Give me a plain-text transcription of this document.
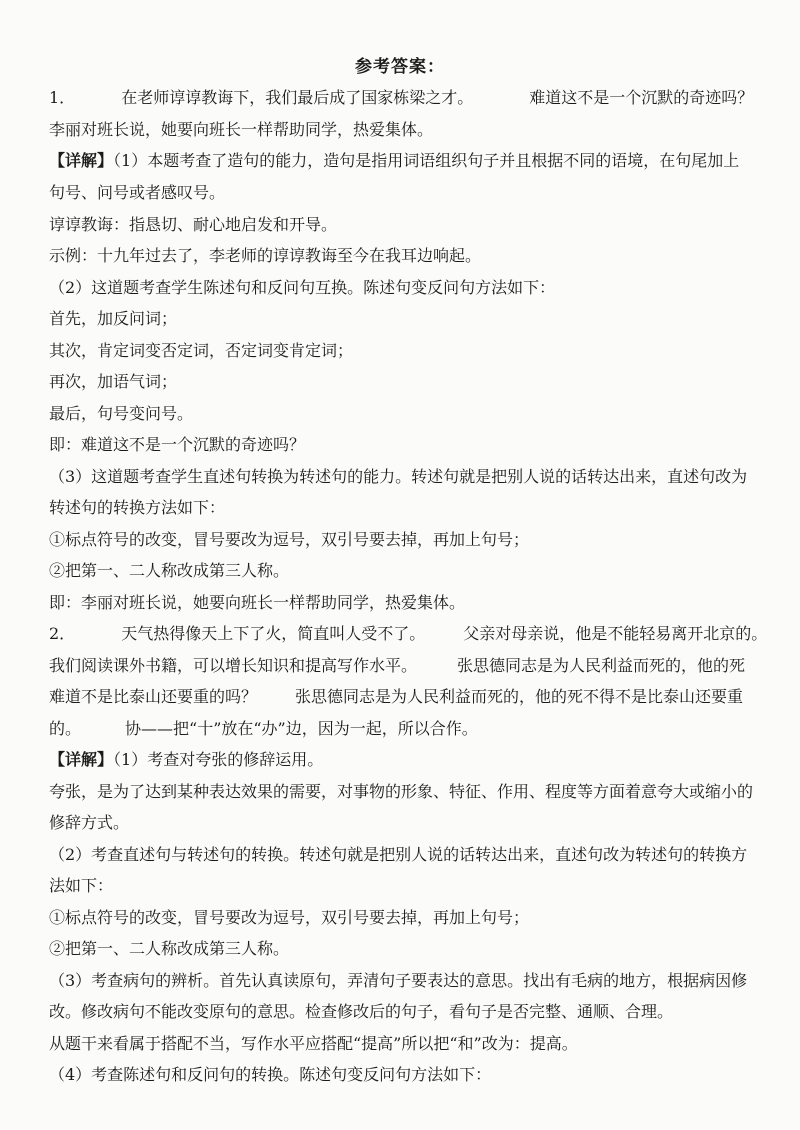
参考答案：
1．	在老师谆谆教诲下，我们最后成了国家栋梁之才。	难道这不是一个沉默的奇迹吗？
李丽对班长说，她要向班长一样帮助同学，热爱集体。
【详解】（1）本题考查了造句的能力，造句是指用词语组织句子并且根据不同的语境，在句尾加上
句号、问号或者感叹号。
谆谆教诲：指恳切、耐心地启发和开导。
示例：十九年过去了，李老师的谆谆教诲至今在我耳边响起。
（2）这道题考查学生陈述句和反问句互换。陈述句变反问句方法如下：
首先，加反问词；
其次，肯定词变否定词，否定词变肯定词；
再次，加语气词；
最后，句号变问号。
即：难道这不是一个沉默的奇迹吗？
（3）这道题考查学生直述句转换为转述句的能力。转述句就是把别人说的话转达出来，直述句改为
转述句的转换方法如下：
①标点符号的改变，冒号要改为逗号，双引号要去掉，再加上句号；
②把第一、二人称改成第三人称。
即：李丽对班长说，她要向班长一样帮助同学，热爱集体。
2．	天气热得像天上下了火，简直叫人受不了。 父亲对母亲说，他是不能轻易离开北京的。
我们阅读课外书籍，可以增长知识和提高写作水平。	张思德同志是为人民利益而死的，他的死
难道不是比泰山还要重的吗？ 张思德同志是为人民利益而死的，他的死不得不是比泰山还要重
的。	协——把“十”放在“办”边，因为一起，所以合作。
【详解】（1）考查对夸张的修辞运用。
夸张，是为了达到某种表达效果的需要，对事物的形象、特征、作用、程度等方面着意夸大或缩小的
修辞方式。
（2）考查直述句与转述句的转换。转述句就是把别人说的话转达出来，直述句改为转述句的转换方
法如下：
①标点符号的改变，冒号要改为逗号，双引号要去掉，再加上句号；
②把第一、二人称改成第三人称。
（3）考查病句的辨析。首先认真读原句，弄清句子要表达的意思。找出有毛病的地方，根据病因修
改。修改病句不能改变原句的意思。检查修改后的句子，看句子是否完整、通顺、合理。
从题干来看属于搭配不当，写作水平应搭配“提高”所以把“和”改为：提高。
（4）考查陈述句和反问句的转换。陈述句变反问句方法如下：
